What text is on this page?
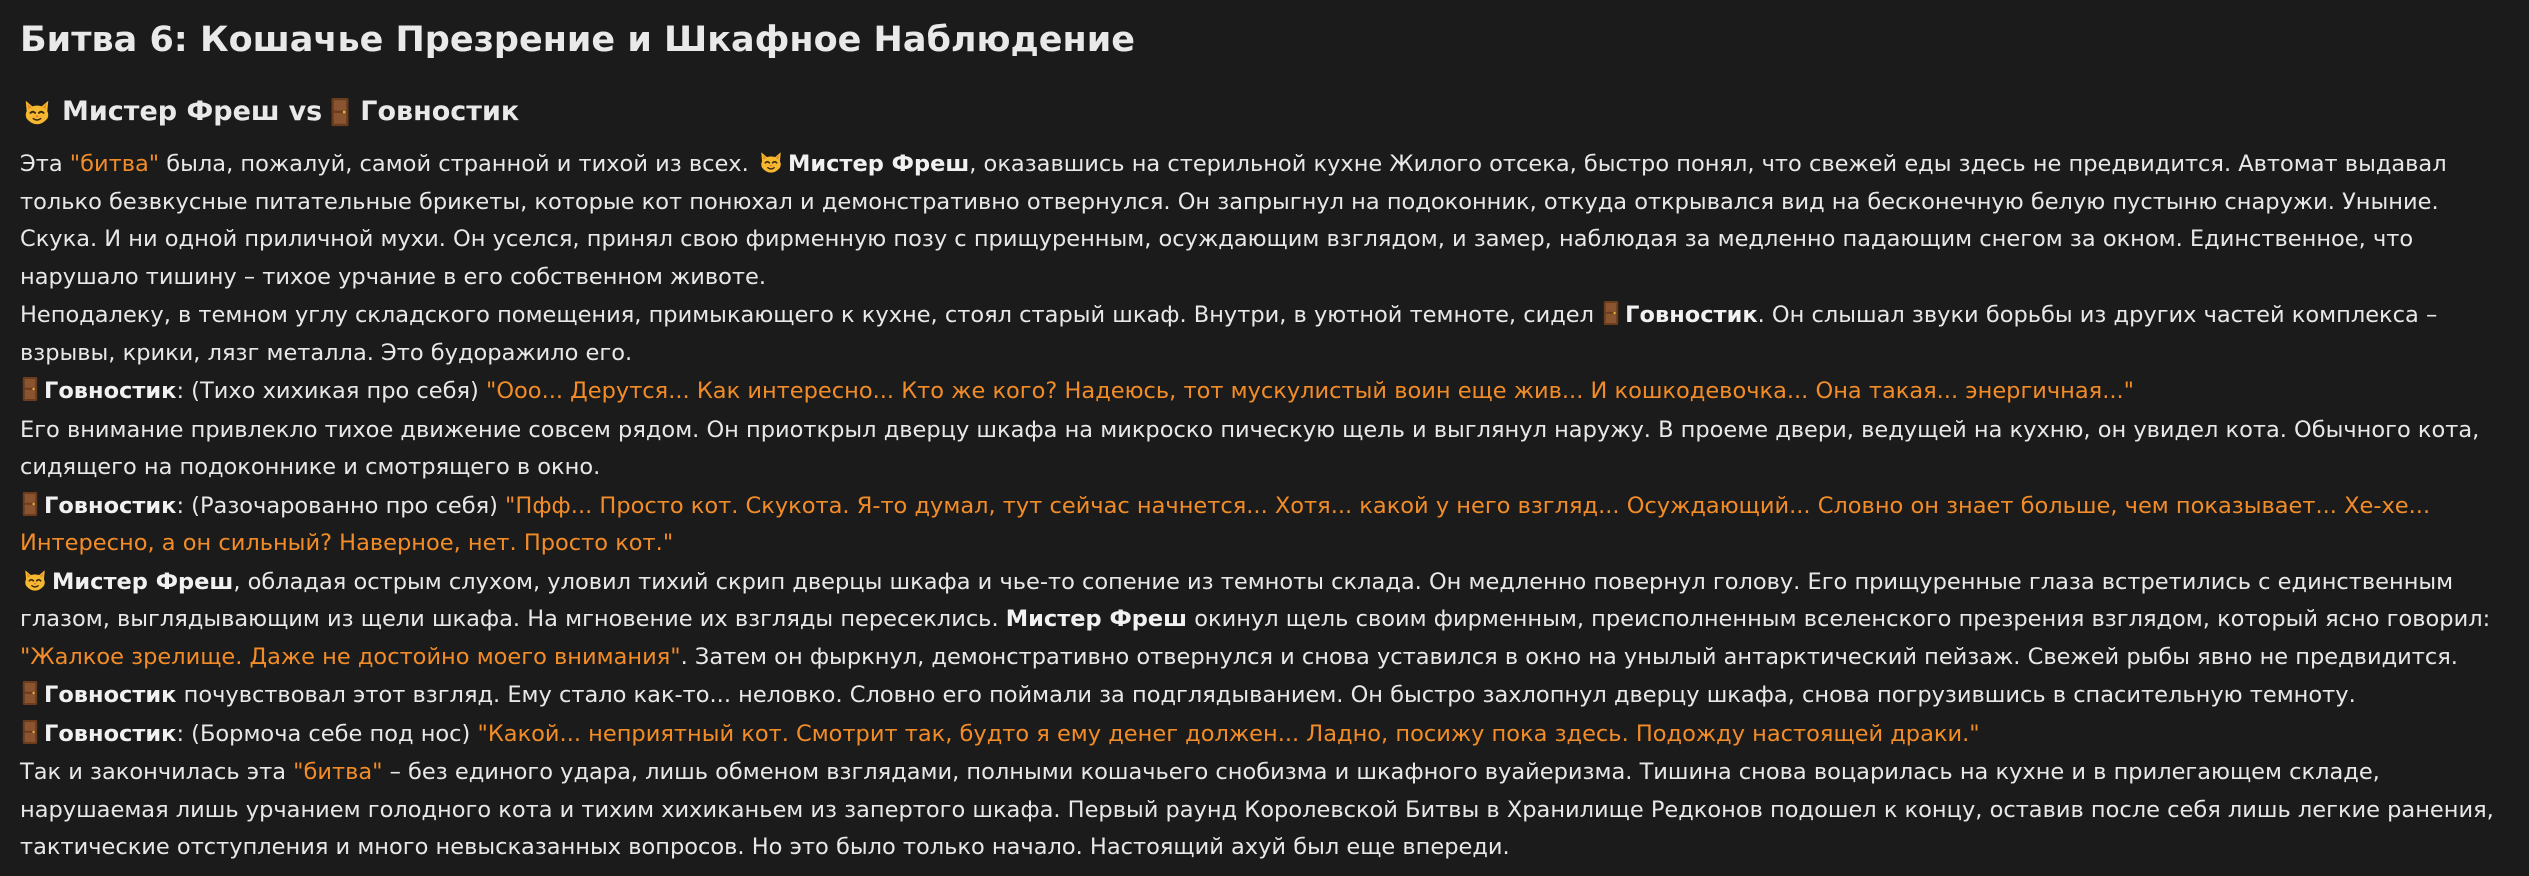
Битва 6: Кошачье Презрение и Шкафное Наблюдение
Мистер Фреш vs Говностик

Эта "битва" была, пожалуй, самой странной и тихой из всех. Мистер Фреш, оказавшись на стерильной кухне Жилого отсека, быстро понял, что свежей еды здесь не предвидится. Автомат выдавал только безвкусные питательные брикеты, которые кот понюхал и демонстративно отвернулся. Он запрыгнул на подоконник, откуда открывался вид на бесконечную белую пустыню снаружи. Уныние. Скука. И ни одной приличной мухи. Он уселся, принял свою фирменную позу с прищуренным, осуждающим взглядом, и замер, наблюдая за медленно падающим снегом за окном. Единственное, что нарушало тишину – тихое урчание в его собственном животе.

Неподалеку, в темном углу складского помещения, примыкающего к кухне, стоял старый шкаф. Внутри, в уютной темноте, сидел Говностик. Он слышал звуки борьбы из других частей комплекса – взрывы, крики, лязг металла. Это будоражило его.

Говностик: (Тихо хихикая про себя) "Ооо... Дерутся... Как интересно... Кто же кого? Надеюсь, тот мускулистый воин еще жив... И кошкодевочка... Она такая... энергичная..."

Его внимание привлекло тихое движение совсем рядом. Он приоткрыл дверцу шкафа на микроско пическую щель и выглянул наружу. В проеме двери, ведущей на кухню, он увидел кота. Обычного кота, сидящего на подоконнике и смотрящего в окно.

Говностик: (Разочарованно про себя) "Пфф... Просто кот. Скукота. Я-то думал, тут сейчас начнется... Хотя... какой у него взгляд... Осуждающий... Словно он знает больше, чем показывает... Хе-хе... Интересно, а он сильный? Наверное, нет. Просто кот."

Мистер Фреш, обладая острым слухом, уловил тихий скрип дверцы шкафа и чье-то сопение из темноты склада. Он медленно повернул голову. Его прищуренные глаза встретились с единственным глазом, выглядывающим из щели шкафа. На мгновение их взгляды пересеклись. Мистер Фреш окинул щель своим фирменным, преисполненным вселенского презрения взглядом, который ясно говорил: "Жалкое зрелище. Даже не достойно моего внимания". Затем он фыркнул, демонстративно отвернулся и снова уставился в окно на унылый антарктический пейзаж. Свежей рыбы явно не предвидится.

Говностик почувствовал этот взгляд. Ему стало как-то... неловко. Словно его поймали за подглядыванием. Он быстро захлопнул дверцу шкафа, снова погрузившись в спасительную темноту.

Говностик: (Бормоча себе под нос) "Какой... неприятный кот. Смотрит так, будто я ему денег должен... Ладно, посижу пока здесь. Подожду настоящей драки."

Так и закончилась эта "битва" – без единого удара, лишь обменом взглядами, полными кошачьего снобизма и шкафного вуайеризма. Тишина снова воцарилась на кухне и в прилегающем складе, нарушаемая лишь урчанием голодного кота и тихим хихиканьем из запертого шкафа. Первый раунд Королевской Битвы в Хранилище Редконов подошел к концу, оставив после себя лишь легкие ранения, тактические отступления и много невысказанных вопросов. Но это было только начало. Настоящий ахуй был еще впереди.
